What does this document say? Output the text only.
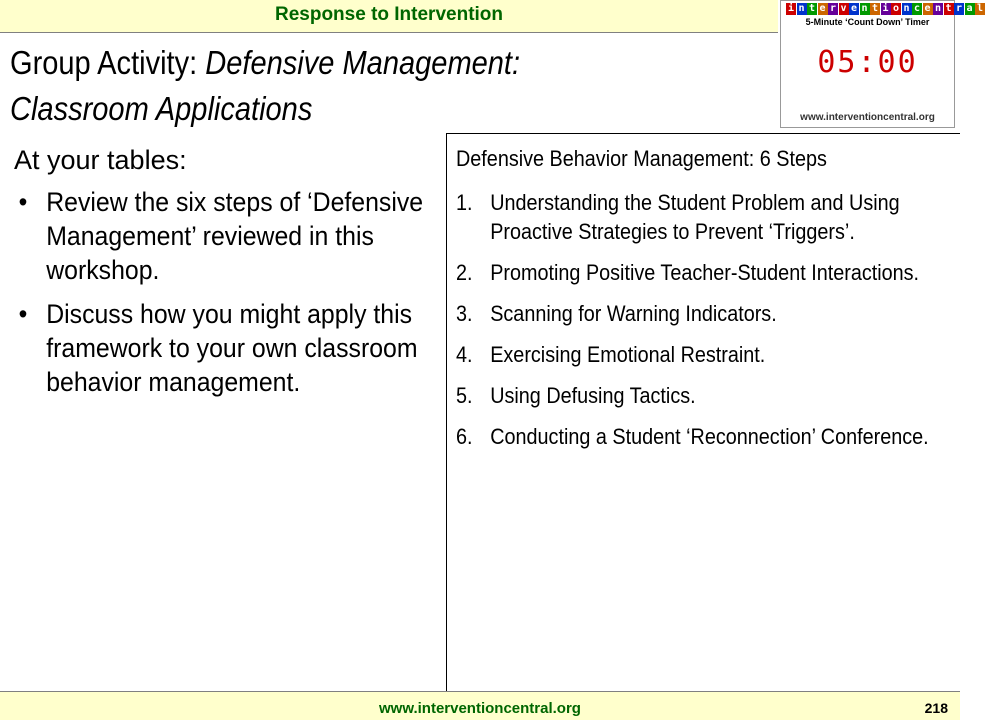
Response to Intervention
Group Activity: Defensive Management:
Classroom Applications
i n t e r v e n t i o n c e n t r a l
5-Minute ‘Count Down’ Timer
05:00
www.interventioncentral.org
At your tables:
• Review the six steps of ‘Defensive Management’ reviewed in this workshop.
• Discuss how you might apply this framework to your own classroom behavior management.
Defensive Behavior Management: 6 Steps
1. Understanding the Student Problem and Using Proactive Strategies to Prevent ‘Triggers’.
2. Promoting Positive Teacher-Student Interactions.
3. Scanning for Warning Indicators.
4. Exercising Emotional Restraint.
5. Using Defusing Tactics.
6. Conducting a Student ‘Reconnection’ Conference.
www.interventioncentral.org	218
